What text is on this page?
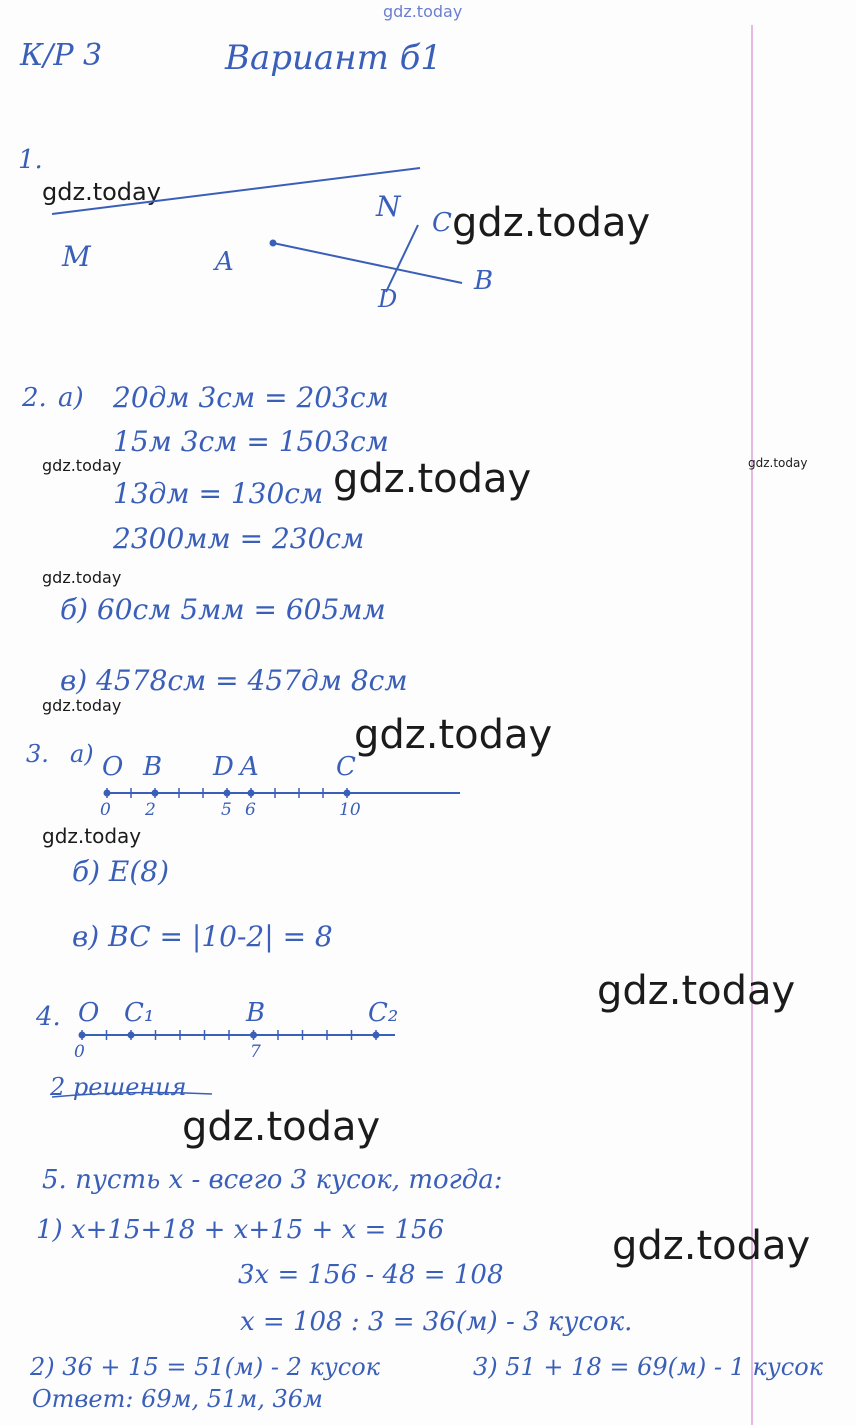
gdz.today
gdz.today
gdz.today
gdz.today	gdz.today	gdz.today
gdz.today
gdz.today
gdz.today
gdz.today
gdz.today
gdz.today
gdz.today
К/Р 3	Вариант б1
1.
M	A
N C
B
D
2. а) 20дм 3см = 203см
15м 3см = 1503см
13дм = 130см
2300мм = 230см
б) 60см 5мм = 605мм
в) 4578см = 457дм 8см
3. а) O B D A	C
0 2	5 6	10
б) E(8)
в) BC = |10-2| = 8
4. O C₁	B	C₂
0	7
2 решения
5. пусть х - всего 3 кусок, тогда:
1) х+15+18 + х+15 + х = 156
3х = 156 - 48 = 108
х = 108 : 3 = 36(м) - 3 кусок.
2) 36 + 15 = 51(м) - 2 кусок	3) 51 + 18 = 69(м) - 1 кусок
Ответ: 69м, 51м, 36м
